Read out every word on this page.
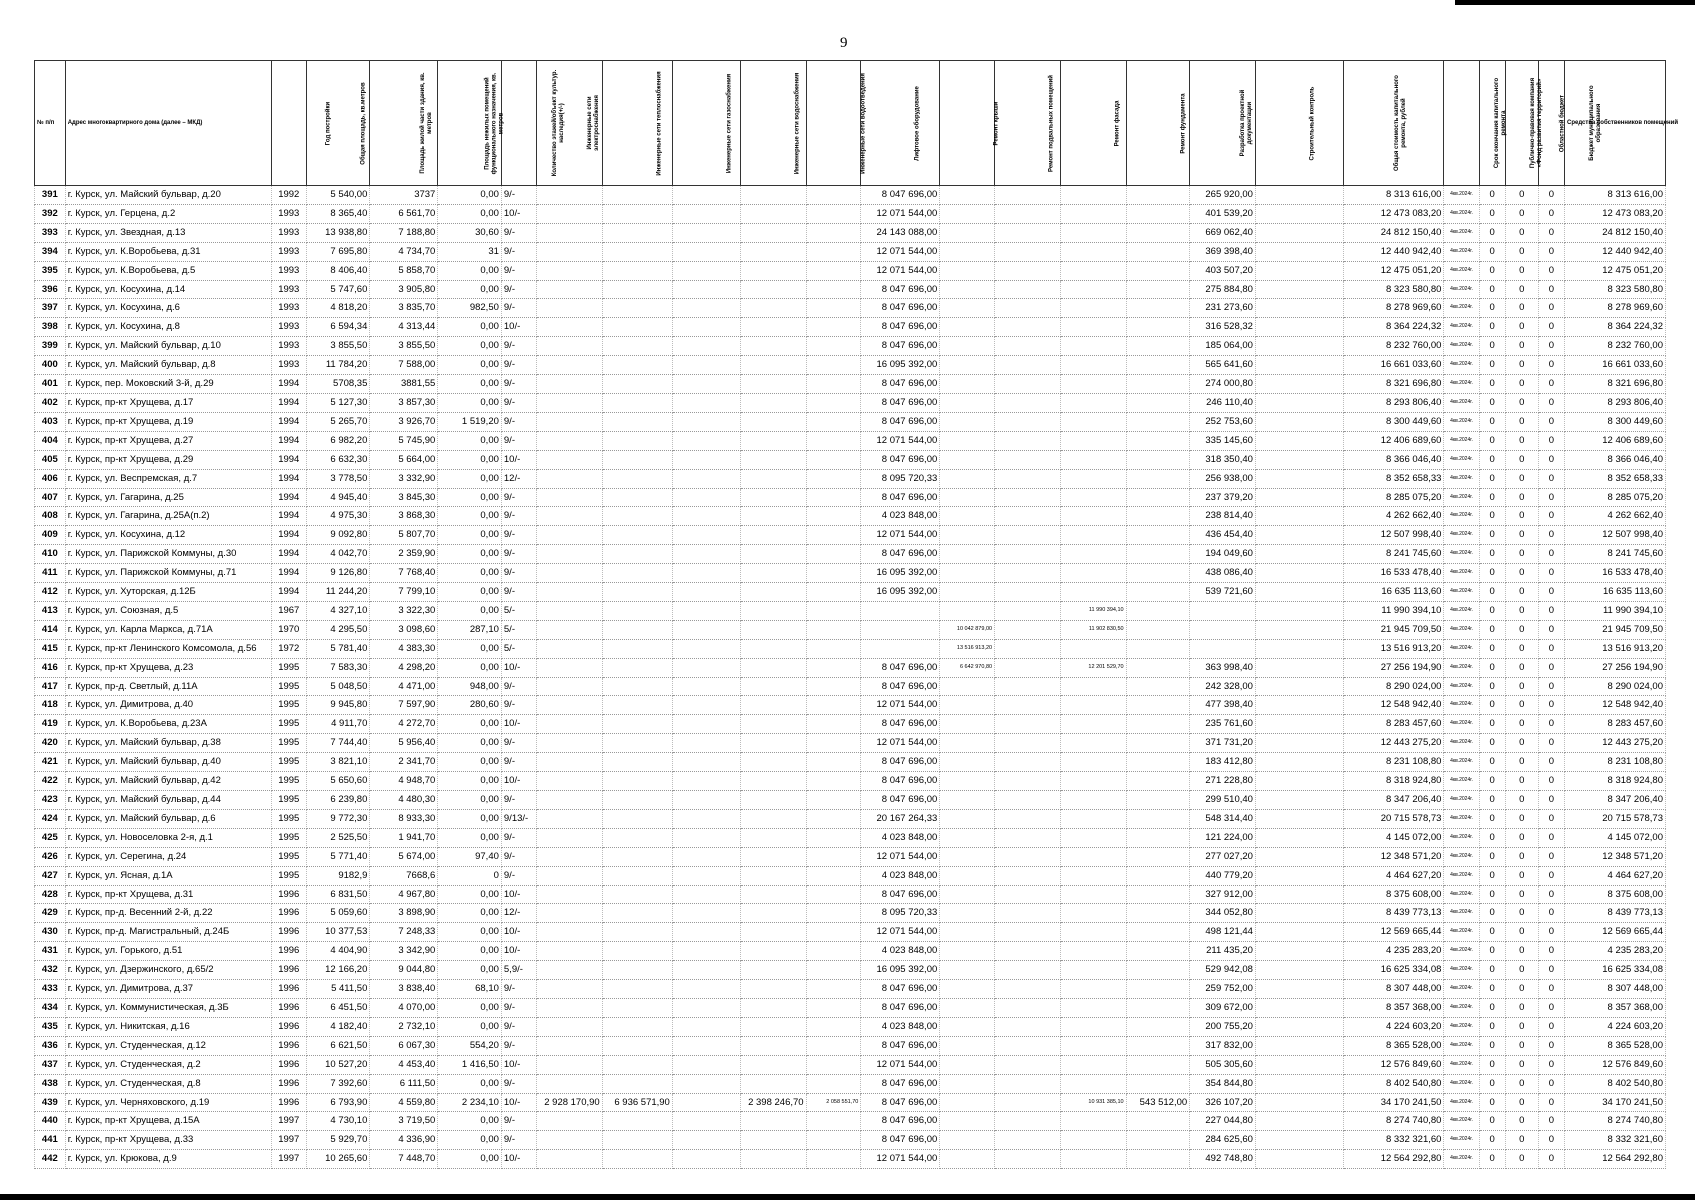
9
№ п/п	Адрес многоквартирного дома (далее – МКД)	Год постройки	Общая площадь, кв.метров	Площадь жилой части здания, кв. метров	Площадь нежилых помещений функционального назначения, кв. метров	Количество этажей/объект культур. наследия(+/-)	Инженерные сети электроснабжения	Инженерные сети теплоснабжения	Инженерные сети газоснабжения	Инженерные сети водоснабжения	Инженерные сети водоотведения	Лифтовое оборудование	Ремонт крыши	Ремонт подвальных помещений	Ремонт фасада	Ремонт фундамента	Разработка проектной документации	Строительный контроль	Общая стоимость капитального ремонта, рублей	Срок окончания капитального ремонта	Публично-правовая компания «Фонд развития территорий»	Областной бюджет	Бюджет муниципального образования	Средства собственников помещений
391	г. Курск, ул. Майский бульвар, д.20	1992	5 540,00	3737	0,00	9/-						8 047 696,00					265 920,00		8 313 616,00	4кв.2024г.	0	0	0	8 313 616,00
392	г. Курск, ул. Герцена, д.2	1993	8 365,40	6 561,70	0,00	10/-						12 071 544,00					401 539,20		12 473 083,20	4кв.2024г.	0	0	0	12 473 083,20
393	г. Курск, ул. Звездная, д.13	1993	13 938,80	7 188,80	30,60	9/-						24 143 088,00					669 062,40		24 812 150,40	4кв.2024г.	0	0	0	24 812 150,40
394	г. Курск, ул. К.Воробьева, д.31	1993	7 695,80	4 734,70	31	9/-						12 071 544,00					369 398,40		12 440 942,40	4кв.2024г.	0	0	0	12 440 942,40
395	г. Курск, ул. К.Воробьева, д.5	1993	8 406,40	5 858,70	0,00	9/-						12 071 544,00					403 507,20		12 475 051,20	4кв.2024г.	0	0	0	12 475 051,20
396	г. Курск, ул. Косухина, д.14	1993	5 747,60	3 905,80	0,00	9/-						8 047 696,00					275 884,80		8 323 580,80	4кв.2024г.	0	0	0	8 323 580,80
397	г. Курск, ул. Косухина, д.6	1993	4 818,20	3 835,70	982,50	9/-						8 047 696,00					231 273,60		8 278 969,60	4кв.2024г.	0	0	0	8 278 969,60
398	г. Курск, ул. Косухина, д.8	1993	6 594,34	4 313,44	0,00	10/-						8 047 696,00					316 528,32		8 364 224,32	4кв.2024г.	0	0	0	8 364 224,32
399	г. Курск, ул. Майский бульвар, д.10	1993	3 855,50	3 855,50	0,00	9/-						8 047 696,00					185 064,00		8 232 760,00	4кв.2024г.	0	0	0	8 232 760,00
400	г. Курск, ул. Майский бульвар, д.8	1993	11 784,20	7 588,00	0,00	9/-						16 095 392,00					565 641,60		16 661 033,60	4кв.2024г.	0	0	0	16 661 033,60
401	г. Курск, пер. Моковский 3-й, д.29	1994	5708,35	3881,55	0,00	9/-						8 047 696,00					274 000,80		8 321 696,80	4кв.2024г.	0	0	0	8 321 696,80
402	г. Курск, пр-кт Хрущева, д.17	1994	5 127,30	3 857,30	0,00	9/-						8 047 696,00					246 110,40		8 293 806,40	4кв.2024г.	0	0	0	8 293 806,40
403	г. Курск, пр-кт Хрущева, д.19	1994	5 265,70	3 926,70	1 519,20	9/-						8 047 696,00					252 753,60		8 300 449,60	4кв.2024г.	0	0	0	8 300 449,60
404	г. Курск, пр-кт Хрущева, д.27	1994	6 982,20	5 745,90	0,00	9/-						12 071 544,00					335 145,60		12 406 689,60	4кв.2024г.	0	0	0	12 406 689,60
405	г. Курск, пр-кт Хрущева, д.29	1994	6 632,30	5 664,00	0,00	10/-						8 047 696,00					318 350,40		8 366 046,40	4кв.2024г.	0	0	0	8 366 046,40
406	г. Курск, ул. Веспремская, д.7	1994	3 778,50	3 332,90	0,00	12/-						8 095 720,33					256 938,00		8 352 658,33	4кв.2024г.	0	0	0	8 352 658,33
407	г. Курск, ул. Гагарина, д.25	1994	4 945,40	3 845,30	0,00	9/-						8 047 696,00					237 379,20		8 285 075,20	4кв.2024г.	0	0	0	8 285 075,20
408	г. Курск, ул. Гагарина, д.25А(п.2)	1994	4 975,30	3 868,30	0,00	9/-						4 023 848,00					238 814,40		4 262 662,40	4кв.2024г.	0	0	0	4 262 662,40
409	г. Курск, ул. Косухина, д.12	1994	9 092,80	5 807,70	0,00	9/-						12 071 544,00					436 454,40		12 507 998,40	4кв.2024г.	0	0	0	12 507 998,40
410	г. Курск, ул. Парижской Коммуны, д.30	1994	4 042,70	2 359,90	0,00	9/-						8 047 696,00					194 049,60		8 241 745,60	4кв.2024г.	0	0	0	8 241 745,60
411	г. Курск, ул. Парижской Коммуны, д.71	1994	9 126,80	7 768,40	0,00	9/-						16 095 392,00					438 086,40		16 533 478,40	4кв.2024г.	0	0	0	16 533 478,40
412	г. Курск, ул. Хуторская, д.12Б	1994	11 244,20	7 799,10	0,00	9/-						16 095 392,00					539 721,60		16 635 113,60	4кв.2024г.	0	0	0	16 635 113,60
413	г. Курск, ул. Союзная, д.5	1967	4 327,10	3 322,30	0,00	5/-									11 990 394,10				11 990 394,10	4кв.2024г.	0	0	0	11 990 394,10
414	г. Курск, ул. Карла Маркса, д.71А	1970	4 295,50	3 098,60	287,10	5/-							10 042 879,00		11 902 830,50				21 945 709,50	4кв.2024г.	0	0	0	21 945 709,50
415	г. Курск, пр-кт Ленинского Комсомола, д.56	1972	5 781,40	4 383,30	0,00	5/-							13 516 913,20						13 516 913,20	4кв.2024г.	0	0	0	13 516 913,20
416	г. Курск, пр-кт Хрущева, д.23	1995	7 583,30	4 298,20	0,00	10/-						8 047 696,00	6 642 970,80		12 201 529,70		363 998,40		27 256 194,90	4кв.2024г.	0	0	0	27 256 194,90
417	г. Курск, пр-д. Светлый, д.11А	1995	5 048,50	4 471,00	948,00	9/-						8 047 696,00					242 328,00		8 290 024,00	4кв.2024г.	0	0	0	8 290 024,00
418	г. Курск, ул. Димитрова, д.40	1995	9 945,80	7 597,90	280,60	9/-						12 071 544,00					477 398,40		12 548 942,40	4кв.2024г.	0	0	0	12 548 942,40
419	г. Курск, ул. К.Воробьева, д.23А	1995	4 911,70	4 272,70	0,00	10/-						8 047 696,00					235 761,60		8 283 457,60	4кв.2024г.	0	0	0	8 283 457,60
420	г. Курск, ул. Майский бульвар, д.38	1995	7 744,40	5 956,40	0,00	9/-						12 071 544,00					371 731,20		12 443 275,20	4кв.2024г.	0	0	0	12 443 275,20
421	г. Курск, ул. Майский бульвар, д.40	1995	3 821,10	2 341,70	0,00	9/-						8 047 696,00					183 412,80		8 231 108,80	4кв.2024г.	0	0	0	8 231 108,80
422	г. Курск, ул. Майский бульвар, д.42	1995	5 650,60	4 948,70	0,00	10/-						8 047 696,00					271 228,80		8 318 924,80	4кв.2024г.	0	0	0	8 318 924,80
423	г. Курск, ул. Майский бульвар, д.44	1995	6 239,80	4 480,30	0,00	9/-						8 047 696,00					299 510,40		8 347 206,40	4кв.2024г.	0	0	0	8 347 206,40
424	г. Курск, ул. Майский бульвар, д.6	1995	9 772,30	8 933,30	0,00	9/13/-						20 167 264,33					548 314,40		20 715 578,73	4кв.2024г.	0	0	0	20 715 578,73
425	г. Курск, ул. Новоселовка 2-я, д.1	1995	2 525,50	1 941,70	0,00	9/-						4 023 848,00					121 224,00		4 145 072,00	4кв.2024г.	0	0	0	4 145 072,00
426	г. Курск, ул. Серегина, д.24	1995	5 771,40	5 674,00	97,40	9/-						12 071 544,00					277 027,20		12 348 571,20	4кв.2024г.	0	0	0	12 348 571,20
427	г. Курск, ул. Ясная, д.1А	1995	9182,9	7668,6	0	9/-						4 023 848,00					440 779,20		4 464 627,20	4кв.2024г.	0	0	0	4 464 627,20
428	г. Курск, пр-кт Хрущева, д.31	1996	6 831,50	4 967,80	0,00	10/-						8 047 696,00					327 912,00		8 375 608,00	4кв.2024г.	0	0	0	8 375 608,00
429	г. Курск, пр-д. Весенний 2-й, д.22	1996	5 059,60	3 898,90	0,00	12/-						8 095 720,33					344 052,80		8 439 773,13	4кв.2024г.	0	0	0	8 439 773,13
430	г. Курск, пр-д. Магистральный, д.24Б	1996	10 377,53	7 248,33	0,00	10/-						12 071 544,00					498 121,44		12 569 665,44	4кв.2024г.	0	0	0	12 569 665,44
431	г. Курск, ул. Горького, д.51	1996	4 404,90	3 342,90	0,00	10/-						4 023 848,00					211 435,20		4 235 283,20	4кв.2024г.	0	0	0	4 235 283,20
432	г. Курск, ул. Дзержинского, д.65/2	1996	12 166,20	9 044,80	0,00	5,9/-						16 095 392,00					529 942,08		16 625 334,08	4кв.2024г.	0	0	0	16 625 334,08
433	г. Курск, ул. Димитрова, д.37	1996	5 411,50	3 838,40	68,10	9/-						8 047 696,00					259 752,00		8 307 448,00	4кв.2024г.	0	0	0	8 307 448,00
434	г. Курск, ул. Коммунистическая, д.3Б	1996	6 451,50	4 070,00	0,00	9/-						8 047 696,00					309 672,00		8 357 368,00	4кв.2024г.	0	0	0	8 357 368,00
435	г. Курск, ул. Никитская, д.16	1996	4 182,40	2 732,10	0,00	9/-						4 023 848,00					200 755,20		4 224 603,20	4кв.2024г.	0	0	0	4 224 603,20
436	г. Курск, ул. Студенческая, д.12	1996	6 621,50	6 067,30	554,20	9/-						8 047 696,00					317 832,00		8 365 528,00	4кв.2024г.	0	0	0	8 365 528,00
437	г. Курск, ул. Студенческая, д.2	1996	10 527,20	4 453,40	1 416,50	10/-						12 071 544,00					505 305,60		12 576 849,60	4кв.2024г.	0	0	0	12 576 849,60
438	г. Курск, ул. Студенческая, д.8	1996	7 392,60	6 111,50	0,00	9/-						8 047 696,00					354 844,80		8 402 540,80	4кв.2024г.	0	0	0	8 402 540,80
439	г. Курск, ул. Черняховского, д.19	1996	6 793,90	4 559,80	2 234,10	10/-	2 928 170,90	6 936 571,90		2 398 246,70	2 058 551,70	8 047 696,00			10 931 385,10	543 512,00	326 107,20		34 170 241,50	4кв.2024г.	0	0	0	34 170 241,50
440	г. Курск, пр-кт Хрущева, д.15А	1997	4 730,10	3 719,50	0,00	9/-						8 047 696,00					227 044,80		8 274 740,80	4кв.2024г.	0	0	0	8 274 740,80
441	г. Курск, пр-кт Хрущева, д.33	1997	5 929,70	4 336,90	0,00	9/-						8 047 696,00					284 625,60		8 332 321,60	4кв.2024г.	0	0	0	8 332 321,60
442	г. Курск, ул. Крюкова, д.9	1997	10 265,60	7 448,70	0,00	10/-						12 071 544,00					492 748,80		12 564 292,80	4кв.2024г.	0	0	0	12 564 292,80
